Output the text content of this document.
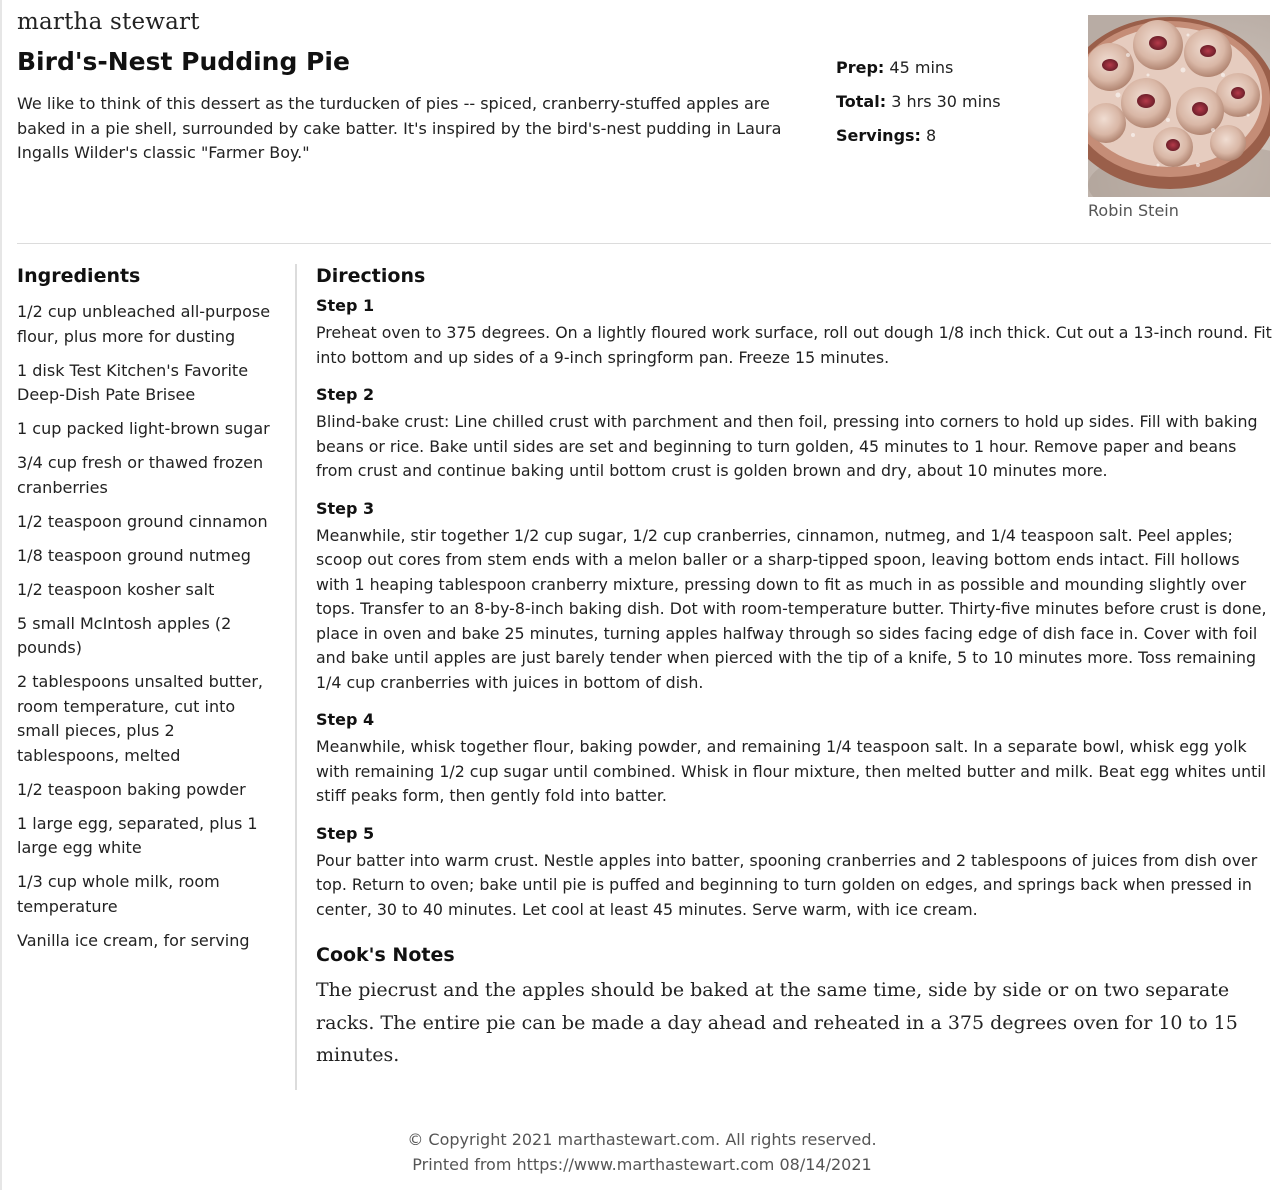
martha stewart
Bird's-Nest Pudding Pie
We like to think of this dessert as the turducken of pies -- spiced, cranberry-stuffed apples are baked in a pie shell, surrounded by cake batter. It's inspired by the bird's-nest pudding in Laura Ingalls Wilder's classic "Farmer Boy."
Prep: 45 mins
Total: 3 hrs 30 mins
Servings: 8
Robin Stein
Ingredients
1/2 cup unbleached all-purpose flour, plus more for dusting
1 disk Test Kitchen's Favorite Deep-Dish Pate Brisee
1 cup packed light-brown sugar
3/4 cup fresh or thawed frozen cranberries
1/2 teaspoon ground cinnamon
1/8 teaspoon ground nutmeg
1/2 teaspoon kosher salt
5 small McIntosh apples (2 pounds)
2 tablespoons unsalted butter, room temperature, cut into small pieces, plus 2 tablespoons, melted
1/2 teaspoon baking powder
1 large egg, separated, plus 1 large egg white
1/3 cup whole milk, room temperature
Vanilla ice cream, for serving
Directions
Step 1
Preheat oven to 375 degrees. On a lightly floured work surface, roll out dough 1/8 inch thick. Cut out a 13-inch round. Fit into bottom and up sides of a 9-inch springform pan. Freeze 15 minutes.
Step 2
Blind-bake crust: Line chilled crust with parchment and then foil, pressing into corners to hold up sides. Fill with baking beans or rice. Bake until sides are set and beginning to turn golden, 45 minutes to 1 hour. Remove paper and beans from crust and continue baking until bottom crust is golden brown and dry, about 10 minutes more.
Step 3
Meanwhile, stir together 1/2 cup sugar, 1/2 cup cranberries, cinnamon, nutmeg, and 1/4 teaspoon salt. Peel apples; scoop out cores from stem ends with a melon baller or a sharp-tipped spoon, leaving bottom ends intact. Fill hollows with 1 heaping tablespoon cranberry mixture, pressing down to fit as much in as possible and mounding slightly over tops. Transfer to an 8-by-8-inch baking dish. Dot with room-temperature butter. Thirty-five minutes before crust is done, place in oven and bake 25 minutes, turning apples halfway through so sides facing edge of dish face in. Cover with foil and bake until apples are just barely tender when pierced with the tip of a knife, 5 to 10 minutes more. Toss remaining 1/4 cup cranberries with juices in bottom of dish.
Step 4
Meanwhile, whisk together flour, baking powder, and remaining 1/4 teaspoon salt. In a separate bowl, whisk egg yolk with remaining 1/2 cup sugar until combined. Whisk in flour mixture, then melted butter and milk. Beat egg whites until stiff peaks form, then gently fold into batter.
Step 5
Pour batter into warm crust. Nestle apples into batter, spooning cranberries and 2 tablespoons of juices from dish over top. Return to oven; bake until pie is puffed and beginning to turn golden on edges, and springs back when pressed in center, 30 to 40 minutes. Let cool at least 45 minutes. Serve warm, with ice cream.
Cook's Notes
The piecrust and the apples should be baked at the same time, side by side or on two separate racks. The entire pie can be made a day ahead and reheated in a 375 degrees oven for 10 to 15 minutes.
© Copyright 2021 marthastewart.com. All rights reserved.
Printed from https://www.marthastewart.com 08/14/2021
